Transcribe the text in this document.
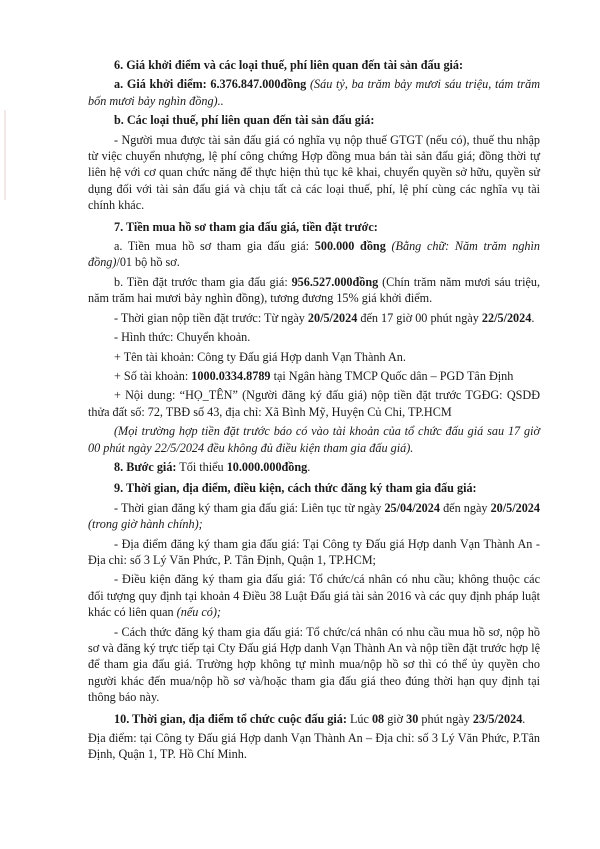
6. Giá khởi điểm và các loại thuế, phí liên quan đến tài sản đấu giá:
a. Giá khởi điểm: 6.376.847.000đồng (Sáu tỷ, ba trăm bảy mươi sáu triệu, tám trăm bốn mươi bảy nghìn đồng)..
b. Các loại thuế, phí liên quan đến tài sản đấu giá:
- Người mua được tài sản đấu giá có nghĩa vụ nộp thuế GTGT (nếu có), thuế thu nhập từ việc chuyển nhượng, lệ phí công chứng Hợp đồng mua bán tài sản đấu giá; đồng thời tự liên hệ với cơ quan chức năng để thực hiện thủ tục kê khai, chuyển quyền sở hữu, quyền sử dụng đối với tài sản đấu giá và chịu tất cả các loại thuế, phí, lệ phí cùng các nghĩa vụ tài chính khác.
7. Tiền mua hồ sơ tham gia đấu giá, tiền đặt trước:
a. Tiền mua hồ sơ tham gia đấu giá: 500.000 đồng (Bằng chữ: Năm trăm nghìn đồng)/01 bộ hồ sơ.
b. Tiền đặt trước tham gia đấu giá: 956.527.000đồng (Chín trăm năm mươi sáu triệu, năm trăm hai mươi bảy nghìn đồng), tương đương 15% giá khởi điểm.
- Thời gian nộp tiền đặt trước: Từ ngày 20/5/2024 đến 17 giờ 00 phút ngày 22/5/2024.
- Hình thức: Chuyển khoản.
+ Tên tài khoản: Công ty Đấu giá Hợp danh Vạn Thành An.
+ Số tài khoản: 1000.0334.8789 tại Ngân hàng TMCP Quốc dân – PGD Tân Định
+ Nội dung: “HỌ_TÊN” (Người đăng ký đấu giá) nộp tiền đặt trước TGĐG: QSDĐ thửa đất số: 72, TBĐ số 43, địa chỉ: Xã Bình Mỹ, Huyện Củ Chi, TP.HCM
(Mọi trường hợp tiền đặt trước báo có vào tài khoản của tổ chức đấu giá sau 17 giờ 00 phút ngày 22/5/2024 đều không đủ điều kiện tham gia đấu giá).
8. Bước giá: Tối thiểu 10.000.000đồng.
9. Thời gian, địa điểm, điều kiện, cách thức đăng ký tham gia đấu giá:
- Thời gian đăng ký tham gia đấu giá: Liên tục từ ngày 25/04/2024 đến ngày 20/5/2024 (trong giờ hành chính);
- Địa điểm đăng ký tham gia đấu giá: Tại Công ty Đấu giá Hợp danh Vạn Thành An - Địa chỉ: số 3 Lý Văn Phức, P. Tân Định, Quận 1, TP.HCM;
- Điều kiện đăng ký tham gia đấu giá: Tổ chức/cá nhân có nhu cầu; không thuộc các đối tượng quy định tại khoản 4 Điều 38 Luật Đấu giá tài sản 2016 và các quy định pháp luật khác có liên quan (nếu có);
- Cách thức đăng ký tham gia đấu giá: Tổ chức/cá nhân có nhu cầu mua hồ sơ, nộp hồ sơ và đăng ký trực tiếp tại Cty Đấu giá Hợp danh Vạn Thành An và nộp tiền đặt trước hợp lệ để tham gia đấu giá. Trường hợp không tự mình mua/nộp hồ sơ thì có thể ủy quyền cho người khác đến mua/nộp hồ sơ và/hoặc tham gia đấu giá theo đúng thời hạn quy định tại thông báo này.
10. Thời gian, địa điểm tổ chức cuộc đấu giá: Lúc 08 giờ 30 phút ngày 23/5/2024.
Địa điểm: tại Công ty Đấu giá Hợp danh Vạn Thành An – Địa chỉ: số 3 Lý Văn Phức, P.Tân Định, Quận 1, TP. Hồ Chí Minh.
